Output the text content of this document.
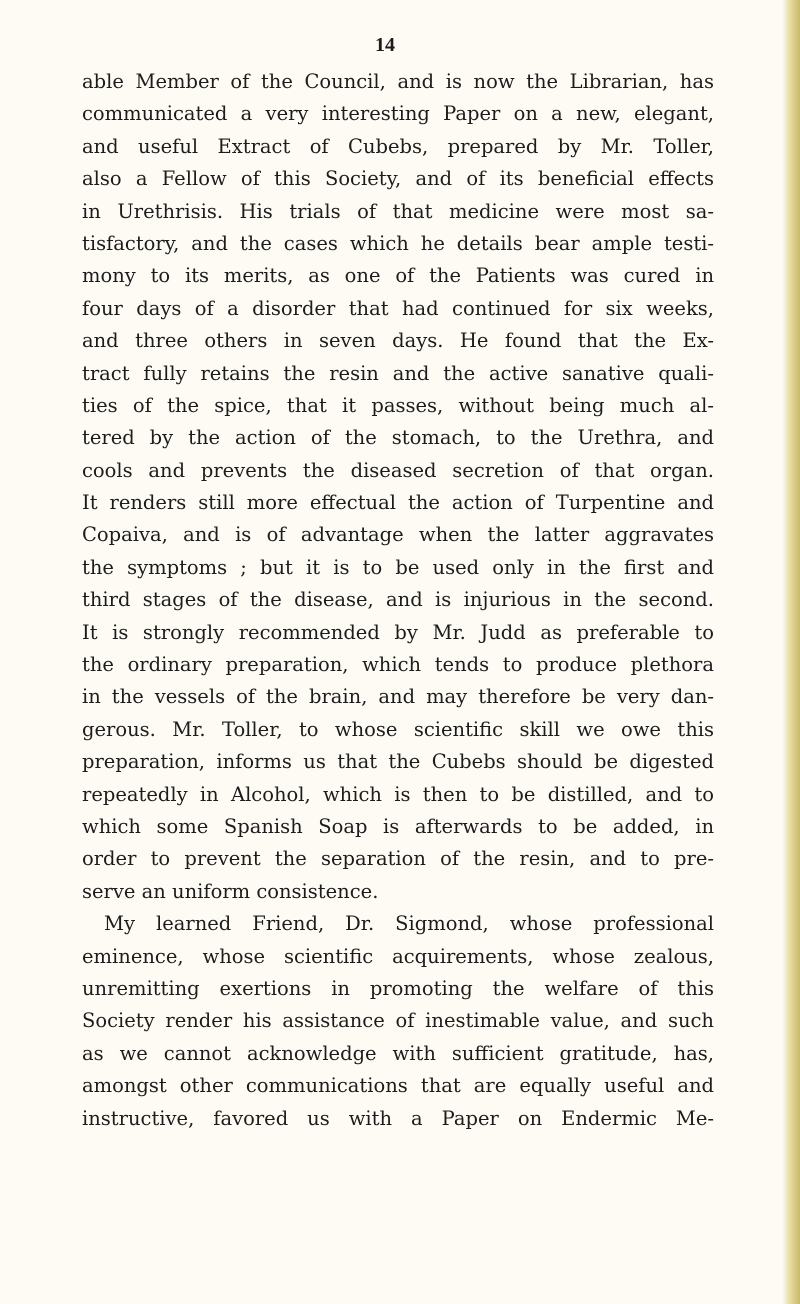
14
able Member of the Council, and is now the Librarian, has
communicated a very interesting Paper on a new, elegant,
and useful Extract of Cubebs, prepared by Mr. Toller,
also a Fellow of this Society, and of its beneficial effects
in Urethrisis. His trials of that medicine were most sa-
tisfactory, and the cases which he details bear ample testi-
mony to its merits, as one of the Patients was cured in
four days of a disorder that had continued for six weeks,
and three others in seven days. He found that the Ex-
tract fully retains the resin and the active sanative quali-
ties of the spice, that it passes, without being much al-
tered by the action of the stomach, to the Urethra, and
cools and prevents the diseased secretion of that organ.
It renders still more effectual the action of Turpentine and
Copaiva, and is of advantage when the latter aggravates
the symptoms ; but it is to be used only in the first and
third stages of the disease, and is injurious in the second.
It is strongly recommended by Mr. Judd as preferable to
the ordinary preparation, which tends to produce plethora
in the vessels of the brain, and may therefore be very dan-
gerous. Mr. Toller, to whose scientific skill we owe this
preparation, informs us that the Cubebs should be digested
repeatedly in Alcohol, which is then to be distilled, and to
which some Spanish Soap is afterwards to be added, in
order to prevent the separation of the resin, and to pre-
serve an uniform consistence.
My learned Friend, Dr. Sigmond, whose professional
eminence, whose scientific acquirements, whose zealous,
unremitting exertions in promoting the welfare of this
Society render his assistance of inestimable value, and such
as we cannot acknowledge with sufficient gratitude, has,
amongst other communications that are equally useful and
instructive, favored us with a Paper on Endermic Me-
